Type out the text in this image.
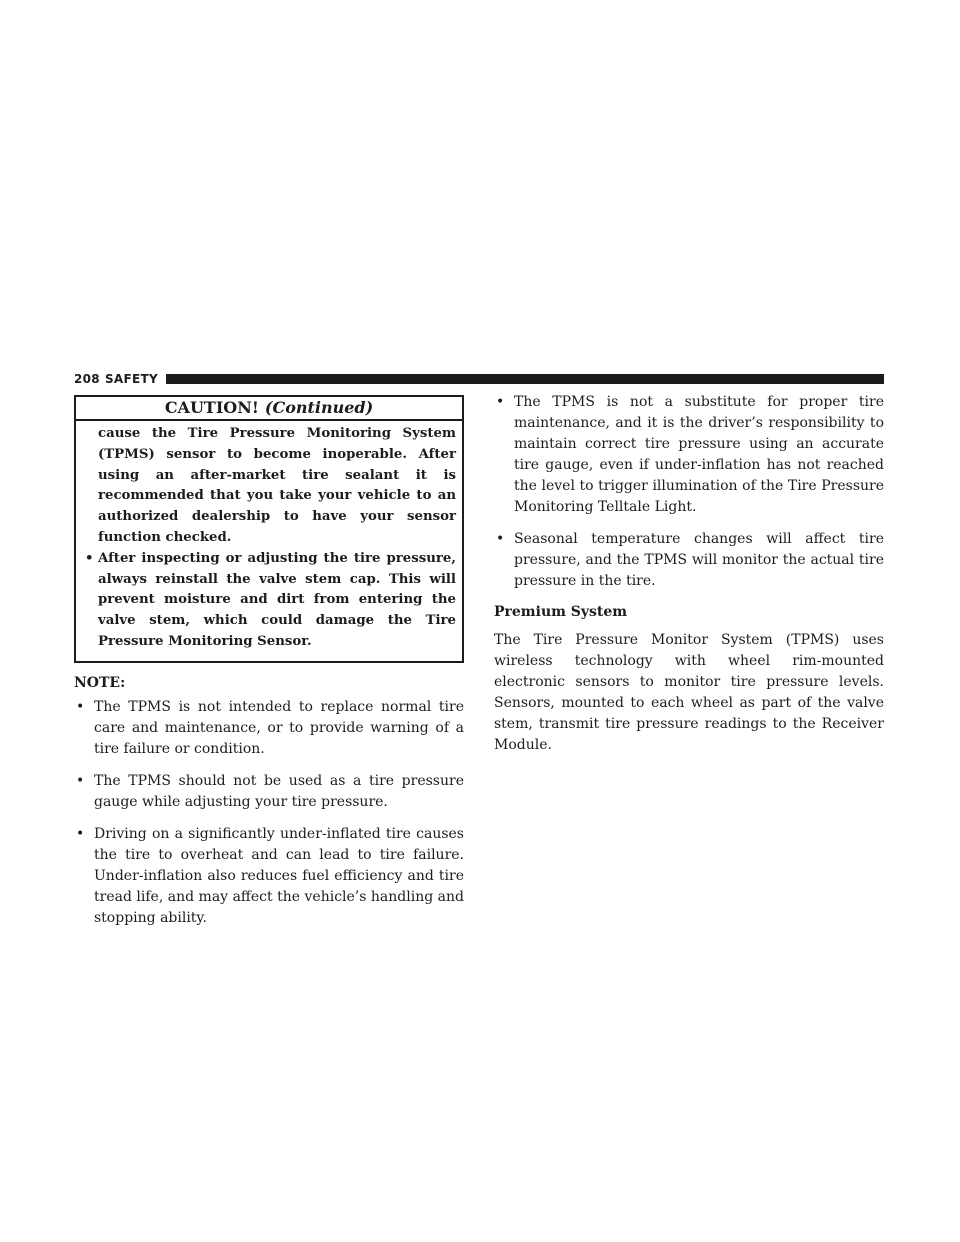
208 SAFETY
CAUTION! (Continued)

cause the Tire Pressure Monitoring System (TPMS) sensor to become inoperable. After using an after-market tire sealant it is recommended that you take your vehicle to an authorized dealership to have your sensor function checked.

• After inspecting or adjusting the tire pressure, always reinstall the valve stem cap. This will prevent moisture and dirt from entering the valve stem, which could damage the Tire Pressure Monitoring Sensor.

NOTE:
• The TPMS is not intended to replace normal tire care and maintenance, or to provide warning of a tire failure or condition.
• The TPMS should not be used as a tire pressure gauge while adjusting your tire pressure.
• Driving on a significantly under-inflated tire causes the tire to overheat and can lead to tire failure. Under-inflation also reduces fuel efficiency and tire tread life, and may affect the vehicle’s handling and stopping ability.
• The TPMS is not a substitute for proper tire maintenance, and it is the driver’s responsibility to maintain correct tire pressure using an accurate tire gauge, even if under-inflation has not reached the level to trigger illumination of the Tire Pressure Monitoring Telltale Light.
• Seasonal temperature changes will affect tire pressure, and the TPMS will monitor the actual tire pressure in the tire.
Premium System

The Tire Pressure Monitor System (TPMS) uses wireless technology with wheel rim-mounted electronic sensors to monitor tire pressure levels. Sensors, mounted to each wheel as part of the valve stem, transmit tire pressure readings to the Receiver Module.
